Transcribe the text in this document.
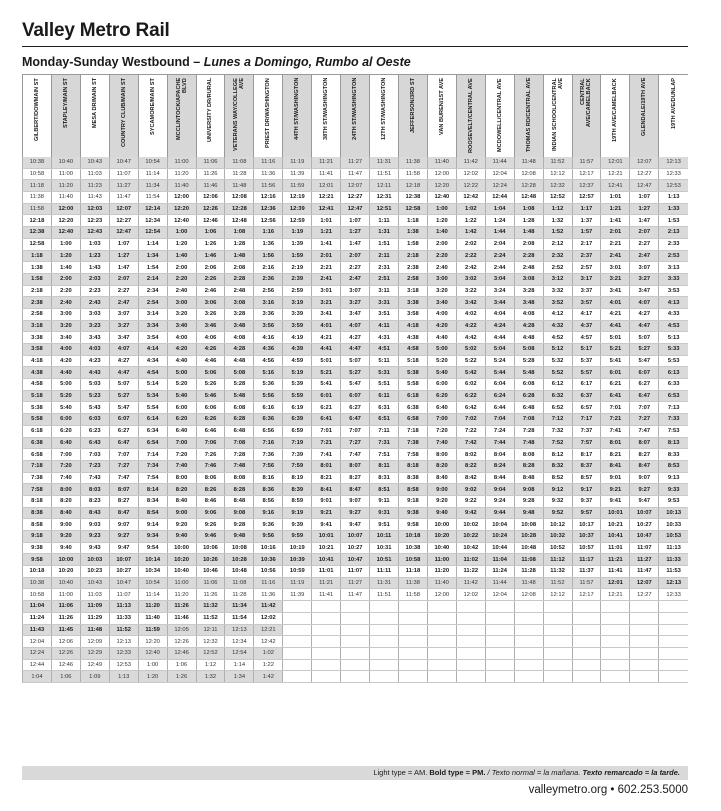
Valley Metro Rail
Monday-Sunday Westbound – Lunes a Domingo, Rumbo al Oeste
GILBERT/DOWMAIN ST	STAPLEY/MAIN ST	MESA DR/MAIN ST	COUNTRY CLUB/MAIN ST	SYCAMORE/MAIN ST	MCCLINTOCK/APACHE BLVD	UNIVERSITY DR/RURAL	VETERANS WAY/COLLEGE AVE	PRIEST DR/WASHINGTON	44TH ST/WASHINGTON	38TH ST/WASHINGTON	24TH ST/WASHINGTON	12TH ST/WASHINGTON	JEFFERSON/3RD ST	VAN BUREN/1ST AVE	ROOSEVELT/CENTRAL AVE	MCDOWELL/CENTRAL AVE	THOMAS RD/CENTRAL AVE	INDIAN SCHOOL/CENTRAL AVE	CENTRAL AVE/CAMELBACK	19TH AVE/CAMELBACK	GLENDALE/19TH AVE	19TH AVE/DUNLAP

10:38	10:40	10:43	10:47	10:54	11:00	11:06	11:08	11:16	11:19	11:21	11:27	11:31	11:38	11:40	11:42	11:44	11:48	11:52	11:57	12:01	12:07	12:13
10:58	11:00	11:03	11:07	11:14	11:20	11:26	11:28	11:36	11:39	11:41	11:47	11:51	11:58	12:00	12:02	12:04	12:08	12:12	12:17	12:21	12:27	12:33
11:18	11:20	11:23	11:27	11:34	11:40	11:46	11:48	11:56	11:59	12:01	12:07	12:11	12:18	12:20	12:22	12:24	12:28	12:32	12:37	12:41	12:47	12:53
11:38	11:40	11:43	11:47	11:54	12:00	12:06	12:08	12:16	12:19	12:21	12:27	12:31	12:38	12:40	12:42	12:44	12:48	12:52	12:57	1:01	1:07	1:13
11:58	12:00	12:03	12:07	12:14	12:20	12:26	12:28	12:36	12:39	12:41	12:47	12:51	12:58	1:00	1:02	1:04	1:08	1:12	1:17	1:21	1:27	1:33
12:18	12:20	12:23	12:27	12:34	12:40	12:46	12:48	12:56	12:59	1:01	1:07	1:11	1:18	1:20	1:22	1:24	1:28	1:32	1:37	1:41	1:47	1:53
12:38	12:40	12:43	12:47	12:54	1:00	1:06	1:08	1:16	1:19	1:21	1:27	1:31	1:38	1:40	1:42	1:44	1:48	1:52	1:57	2:01	2:07	2:13
12:58	1:00	1:03	1:07	1:14	1:20	1:26	1:28	1:36	1:39	1:41	1:47	1:51	1:58	2:00	2:02	2:04	2:08	2:12	2:17	2:21	2:27	2:33
1:18	1:20	1:23	1:27	1:34	1:40	1:46	1:48	1:56	1:59	2:01	2:07	2:11	2:18	2:20	2:22	2:24	2:28	2:32	2:37	2:41	2:47	2:53
1:38	1:40	1:43	1:47	1:54	2:00	2:06	2:08	2:16	2:19	2:21	2:27	2:31	2:38	2:40	2:42	2:44	2:48	2:52	2:57	3:01	3:07	3:13
1:58	2:00	2:03	2:07	2:14	2:20	2:26	2:28	2:36	2:39	2:41	2:47	2:51	2:58	3:00	3:02	3:04	3:08	3:12	3:17	3:21	3:27	3:33
2:18	2:20	2:23	2:27	2:34	2:40	2:46	2:48	2:56	2:59	3:01	3:07	3:11	3:18	3:20	3:22	3:24	3:28	3:32	3:37	3:41	3:47	3:53
2:38	2:40	2:43	2:47	2:54	3:00	3:06	3:08	3:16	3:19	3:21	3:27	3:31	3:38	3:40	3:42	3:44	3:48	3:52	3:57	4:01	4:07	4:13
2:58	3:00	3:03	3:07	3:14	3:20	3:26	3:28	3:36	3:39	3:41	3:47	3:51	3:58	4:00	4:02	4:04	4:08	4:12	4:17	4:21	4:27	4:33
3:18	3:20	3:23	3:27	3:34	3:40	3:46	3:48	3:56	3:59	4:01	4:07	4:11	4:18	4:20	4:22	4:24	4:28	4:32	4:37	4:41	4:47	4:53
3:38	3:40	3:43	3:47	3:54	4:00	4:06	4:08	4:16	4:19	4:21	4:27	4:31	4:38	4:40	4:42	4:44	4:48	4:52	4:57	5:01	5:07	5:13
3:58	4:00	4:03	4:07	4:14	4:20	4:26	4:28	4:36	4:39	4:41	4:47	4:51	4:58	5:00	5:02	5:04	5:08	5:12	5:17	5:21	5:27	5:33
4:18	4:20	4:23	4:27	4:34	4:40	4:46	4:48	4:56	4:59	5:01	5:07	5:11	5:18	5:20	5:22	5:24	5:28	5:32	5:37	5:41	5:47	5:53
4:38	4:40	4:43	4:47	4:54	5:00	5:06	5:08	5:16	5:19	5:21	5:27	5:31	5:38	5:40	5:42	5:44	5:48	5:52	5:57	6:01	6:07	6:13
4:58	5:00	5:03	5:07	5:14	5:20	5:26	5:28	5:36	5:39	5:41	5:47	5:51	5:58	6:00	6:02	6:04	6:08	6:12	6:17	6:21	6:27	6:33
5:18	5:20	5:23	5:27	5:34	5:40	5:46	5:48	5:56	5:59	6:01	6:07	6:11	6:18	6:20	6:22	6:24	6:28	6:32	6:37	6:41	6:47	6:53
5:38	5:40	5:43	5:47	5:54	6:00	6:06	6:08	6:16	6:19	6:21	6:27	6:31	6:38	6:40	6:42	6:44	6:48	6:52	6:57	7:01	7:07	7:13
5:58	6:00	6:03	6:07	6:14	6:20	6:26	6:28	6:36	6:39	6:41	6:47	6:51	6:58	7:00	7:02	7:04	7:08	7:12	7:17	7:21	7:27	7:33
6:18	6:20	6:23	6:27	6:34	6:40	6:46	6:48	6:56	6:59	7:01	7:07	7:11	7:18	7:20	7:22	7:24	7:28	7:32	7:37	7:41	7:47	7:53
6:38	6:40	6:43	6:47	6:54	7:00	7:06	7:08	7:16	7:19	7:21	7:27	7:31	7:38	7:40	7:42	7:44	7:48	7:52	7:57	8:01	8:07	8:13
6:58	7:00	7:03	7:07	7:14	7:20	7:26	7:28	7:36	7:39	7:41	7:47	7:51	7:58	8:00	8:02	8:04	8:08	8:12	8:17	8:21	8:27	8:33
7:18	7:20	7:23	7:27	7:34	7:40	7:46	7:48	7:56	7:59	8:01	8:07	8:11	8:18	8:20	8:22	8:24	8:28	8:32	8:37	8:41	8:47	8:53
7:38	7:40	7:43	7:47	7:54	8:00	8:06	8:08	8:16	8:19	8:21	8:27	8:31	8:38	8:40	8:42	8:44	8:48	8:52	8:57	9:01	9:07	9:13
7:58	8:00	8:03	8:07	8:14	8:20	8:26	8:28	8:36	8:39	8:41	8:47	8:51	8:58	9:00	9:02	9:04	9:08	9:12	9:17	9:21	9:27	9:33
8:18	8:20	8:23	8:27	8:34	8:40	8:46	8:48	8:56	8:59	9:01	9:07	9:11	9:18	9:20	9:22	9:24	9:28	9:32	9:37	9:41	9:47	9:53
8:38	8:40	8:43	8:47	8:54	9:00	9:06	9:08	9:16	9:19	9:21	9:27	9:31	9:38	9:40	9:42	9:44	9:48	9:52	9:57	10:01	10:07	10:13
8:58	9:00	9:03	9:07	9:14	9:20	9:26	9:28	9:36	9:39	9:41	9:47	9:51	9:58	10:00	10:02	10:04	10:08	10:12	10:17	10:21	10:27	10:33
9:18	9:20	9:23	9:27	9:34	9:40	9:46	9:48	9:56	9:59	10:01	10:07	10:11	10:18	10:20	10:22	10:24	10:28	10:32	10:37	10:41	10:47	10:53
9:38	9:40	9:43	9:47	9:54	10:00	10:06	10:08	10:16	10:19	10:21	10:27	10:31	10:38	10:40	10:42	10:44	10:48	10:52	10:57	11:01	11:07	11:13
9:58	10:00	10:03	10:07	10:14	10:20	10:26	10:28	10:36	10:39	10:41	10:47	10:51	10:58	11:00	11:02	11:04	11:08	11:12	11:17	11:21	11:27	11:33
10:18	10:20	10:23	10:27	10:34	10:40	10:46	10:48	10:56	10:59	11:01	11:07	11:11	11:18	11:20	11:22	11:24	11:28	11:32	11:37	11:41	11:47	11:53
10:38	10:40	10:43	10:47	10:54	11:00	11:06	11:08	11:16	11:19	11:21	11:27	11:31	11:38	11:40	11:42	11:44	11:48	11:52	11:57	12:01	12:07	12:13
10:58	11:00	11:03	11:07	11:14	11:20	11:26	11:28	11:36	11:39	11:41	11:47	11:51	11:58	12:00	12:02	12:04	12:08	12:12	12:17	12:21	12:27	12:33
11:04	11:06	11:09	11:13	11:20	11:26	11:32	11:34	11:42														
11:24	11:26	11:29	11:33	11:40	11:46	11:52	11:54	12:02														
11:43	11:45	11:48	11:52	11:59	12:05	12:11	12:13	12:21														
12:04	12:06	12:09	12:13	12:20	12:26	12:32	12:34	12:42														
12:24	12:26	12:29	12:33	12:40	12:46	12:52	12:54	1:02														
12:44	12:46	12:49	12:53	1:00	1:06	1:12	1:14	1:22														
1:04	1:06	1:09	1:13	1:20	1:26	1:32	1:34	1:42														
Light type = AM. Bold type = PM. / Texto normal = la mañana. Texto remarcado = la tarde.
valleymetro.org • 602.253.5000
